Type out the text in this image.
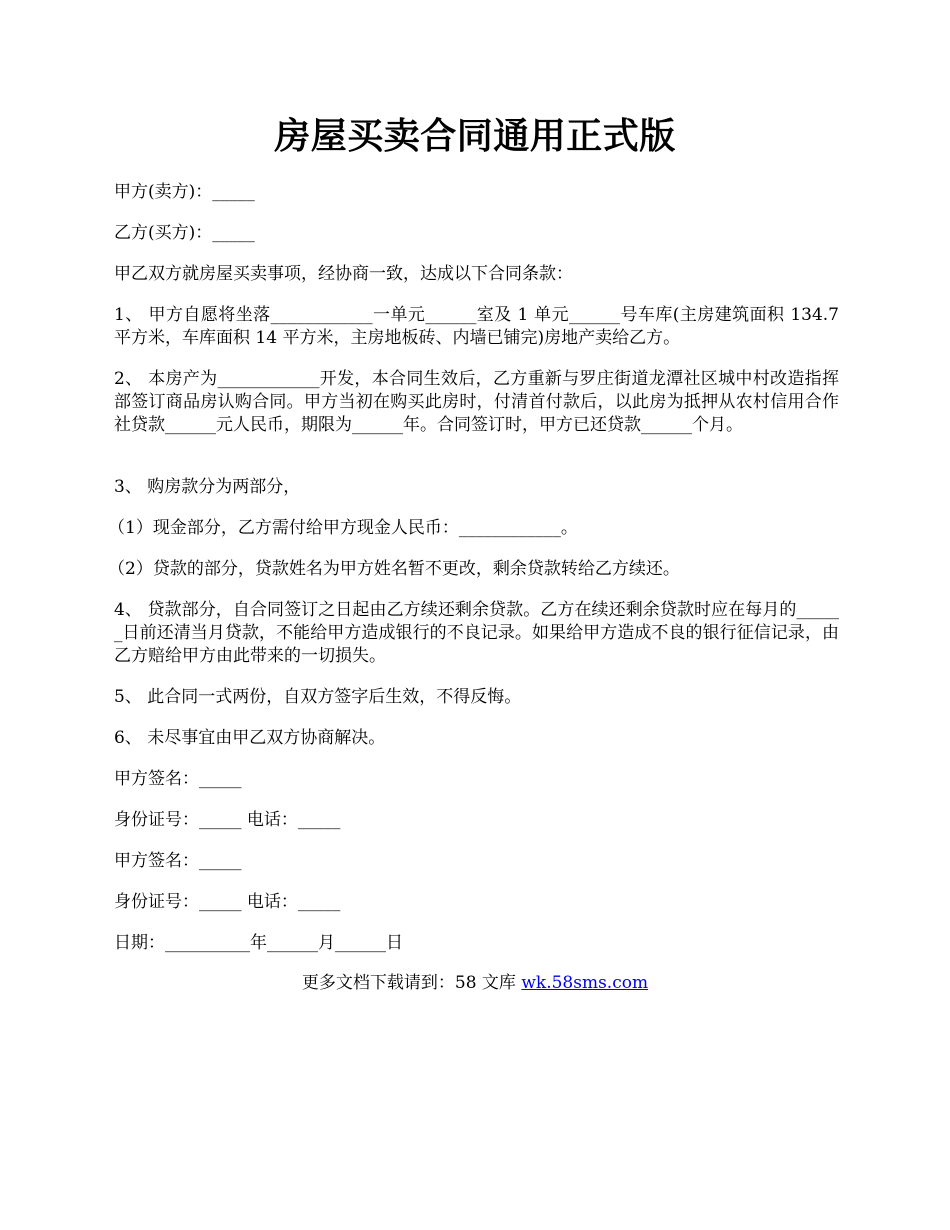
房屋买卖合同通用正式版

甲方(卖方)：_____

乙方(买方)：_____

甲乙双方就房屋买卖事项，经协商一致，达成以下合同条款：

1、 甲方自愿将坐落____________一单元______室及 1 单元______号车库(主房建筑面积 134.7 平方米，车库面积 14 平方米，主房地板砖、内墙已铺完)房地产卖给乙方。

2、 本房产为____________开发，本合同生效后，乙方重新与罗庄街道龙潭社区城中村改造指挥部签订商品房认购合同。甲方当初在购买此房时，付清首付款后，以此房为抵押从农村信用合作社贷款______元人民币，期限为______年。合同签订时，甲方已还贷款______个月。

3、 购房款分为两部分，

（1）现金部分，乙方需付给甲方现金人民币：____________。

（2）贷款的部分，贷款姓名为甲方姓名暂不更改，剩余贷款转给乙方续还。

4、 贷款部分，自合同签订之日起由乙方续还剩余贷款。乙方在续还剩余贷款时应在每月的______日前还清当月贷款，不能给甲方造成银行的不良记录。如果给甲方造成不良的银行征信记录，由乙方赔给甲方由此带来的一切损失。

5、 此合同一式两份，自双方签字后生效，不得反悔。

6、 未尽事宜由甲乙双方协商解决。

甲方签名：_____

身份证号：_____ 电话：_____

甲方签名：_____

身份证号：_____ 电话：_____

日期：__________年______月______日

更多文档下载请到：58 文库 wk.58sms.com
